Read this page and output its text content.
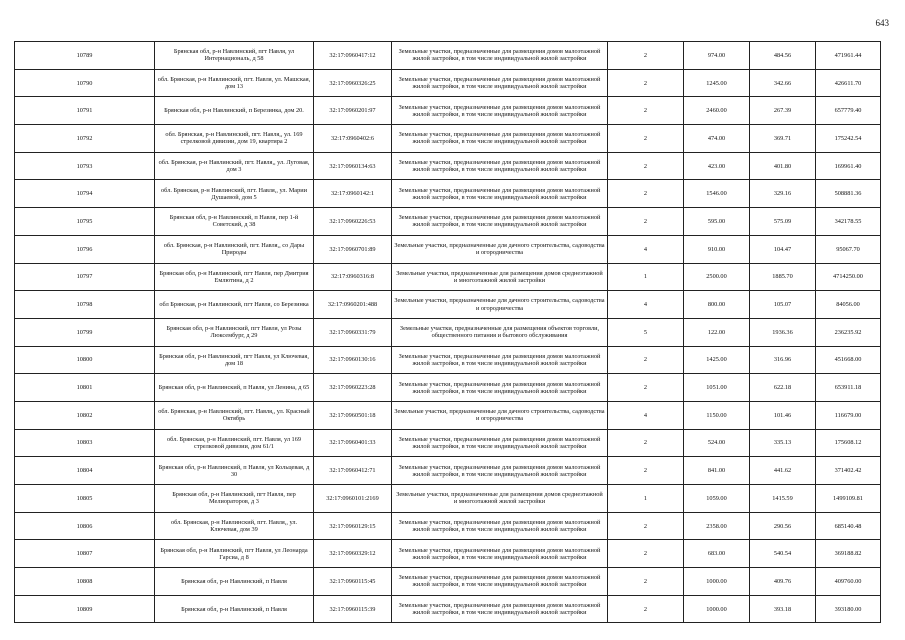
643
10789	Брянская обл, р-н Навлинский, пгт Навля, ул Интернациональ, д 58	32:17:0960417:12	Земельные участки, предназначенные для размещения домов малоэтажной жилой застройки, в том числе индивидуальной жилой застройки	2	974.00	484.56	471961.44
10790	обл. Брянская, р-н Навлинский, пгт. Навля, ул. Машская, дом 13	32:17:0960326:25	Земельные участки, предназначенные для размещения домов малоэтажной жилой застройки, в том числе индивидуальной жилой застройки	2	1245.00	342.66	426611.70
10791	Брянская обл, р-н Навлинский, п Березинка, дом 20.	32:17:0960201:97	Земельные участки, предназначенные для размещения домов малоэтажной жилой застройки, в том числе индивидуальной жилой застройки	2	2460.00	267.39	657779.40
10792	обл. Брянская, р-н Навлинский, пгт. Навля,, ул. 169 стрелковой дивизии, дом 19, квартира 2	32:17:0960402:6	Земельные участки, предназначенные для размещения домов малоэтажной жилой застройки, в том числе индивидуальной жилой застройки	2	474.00	369.71	175242.54
10793	обл. Брянская, р-н Навлинский, пгт. Навля,, ул. Луговая, дом 3	32:17:0960134:63	Земельные участки, предназначенные для размещения домов малоэтажной жилой застройки, в том числе индивидуальной жилой застройки	2	423.00	401.80	169961.40
10794	обл. Брянская, р-н Навлинский, пгт. Навля,, ул. Марии Душаевой, дом 5	32:17:0960142:1	Земельные участки, предназначенные для размещения домов малоэтажной жилой застройки, в том числе индивидуальной жилой застройки	2	1546.00	329.16	508881.36
10795	Брянская обл, р-н Навлинский, п Навля, пер 1-й Советский, д 38	32:17:0960226:53	Земельные участки, предназначенные для размещения домов малоэтажной жилой застройки, в том числе индивидуальной жилой застройки	2	595.00	575.09	342178.55
10796	обл. Брянская, р-н Навлинский, пгт. Навля,, со Дары Природы	32:17:0960701:89	Земельные участки, предназначенные для дачного строительства, садоводства и огородничества	4	910.00	104.47	95067.70
10797	Брянская обл, р-н Навлинский, пгт Навля, пер Дмитрия Емлютина, д 2	32:17:0960316:8	Земельные участки, предназначенные для размещения домов среднеэтажной и многоэтажной жилой застройки	1	2500.00	1885.70	4714250.00
10798	обл Брянская, р-н Навлинский, пгт Навля, со Березинка	32:17:0960201:488	Земельные участки, предназначенные для дачного строительства, садоводства и огородничества	4	800.00	105.07	84056.00
10799	Брянская обл, р-н Навлинский, пгт Навля, ул Розы Люксембург, д 29	32:17:0960331:79	Земельные участки, предназначенные для размещения объектов торговли, общественного питания и бытового обслуживания	5	122.00	1936.36	236235.92
10800	Брянская обл, р-н Навлинский, пгт Навля, ул Ключевая, дом 18	32:17:0960130:16	Земельные участки, предназначенные для размещения домов малоэтажной жилой застройки, в том числе индивидуальной жилой застройки	2	1425.00	316.96	451668.00
10801	Брянская обл, р-н Навлинский, п Навля, ул Ленина, д 65	32:17:0960223:28	Земельные участки, предназначенные для размещения домов малоэтажной жилой застройки, в том числе индивидуальной жилой застройки	2	1051.00	622.18	653911.18
10802	обл. Брянская, р-н Навлинский, пгт. Навля,, ул. Красный Октябрь	32:17:0960501:18	Земельные участки, предназначенные для дачного строительства, садоводства и огородничества	4	1150.00	101.46	116679.00
10803	обл. Брянская, р-н Навлинский, пгт. Навля, ул 169 стрелковой дивизии, дом 61/1	32:17:0960401:33	Земельные участки, предназначенные для размещения домов малоэтажной жилой застройки, в том числе индивидуальной жилой застройки	2	524.00	335.13	175608.12
10804	Брянская обл, р-н Навлинский, п Навля, ул Кольцевая, д 30	32:17:0960412:71	Земельные участки, предназначенные для размещения домов малоэтажной жилой застройки, в том числе индивидуальной жилой застройки	2	841.00	441.62	371402.42
10805	Брянская обл, р-н Навлинский, пгт Навля, пер Мелиораторов, д 3	32:17:0960101:2169	Земельные участки, предназначенные для размещения домов среднеэтажной и многоэтажной жилой застройки	1	1059.00	1415.59	1499109.81
10806	обл. Брянская, р-н Навлинский, пгт. Навля,, ул. Ключевая, дом 39	32:17:0960129:15	Земельные участки, предназначенные для размещения домов малоэтажной жилой застройки, в том числе индивидуальной жилой застройки	2	2358.00	290.56	685140.48
10807	Брянская обл, р-н Навлинский, пгт Навля, ул Леонарда Гарсиа, д 8	32:17:0960329:12	Земельные участки, предназначенные для размещения домов малоэтажной жилой застройки, в том числе индивидуальной жилой застройки	2	683.00	540.54	369188.82
10808	Брянская обл, р-н Навлинский, п Навля	32:17:0960115:45	Земельные участки, предназначенные для размещения домов малоэтажной жилой застройки, в том числе индивидуальной жилой застройки	2	1000.00	409.76	409760.00
10809	Брянская обл, р-н Навлинский, п Навля	32:17:0960115:39	Земельные участки, предназначенные для размещения домов малоэтажной жилой застройки, в том числе индивидуальной жилой застройки	2	1000.00	393.18	393180.00
